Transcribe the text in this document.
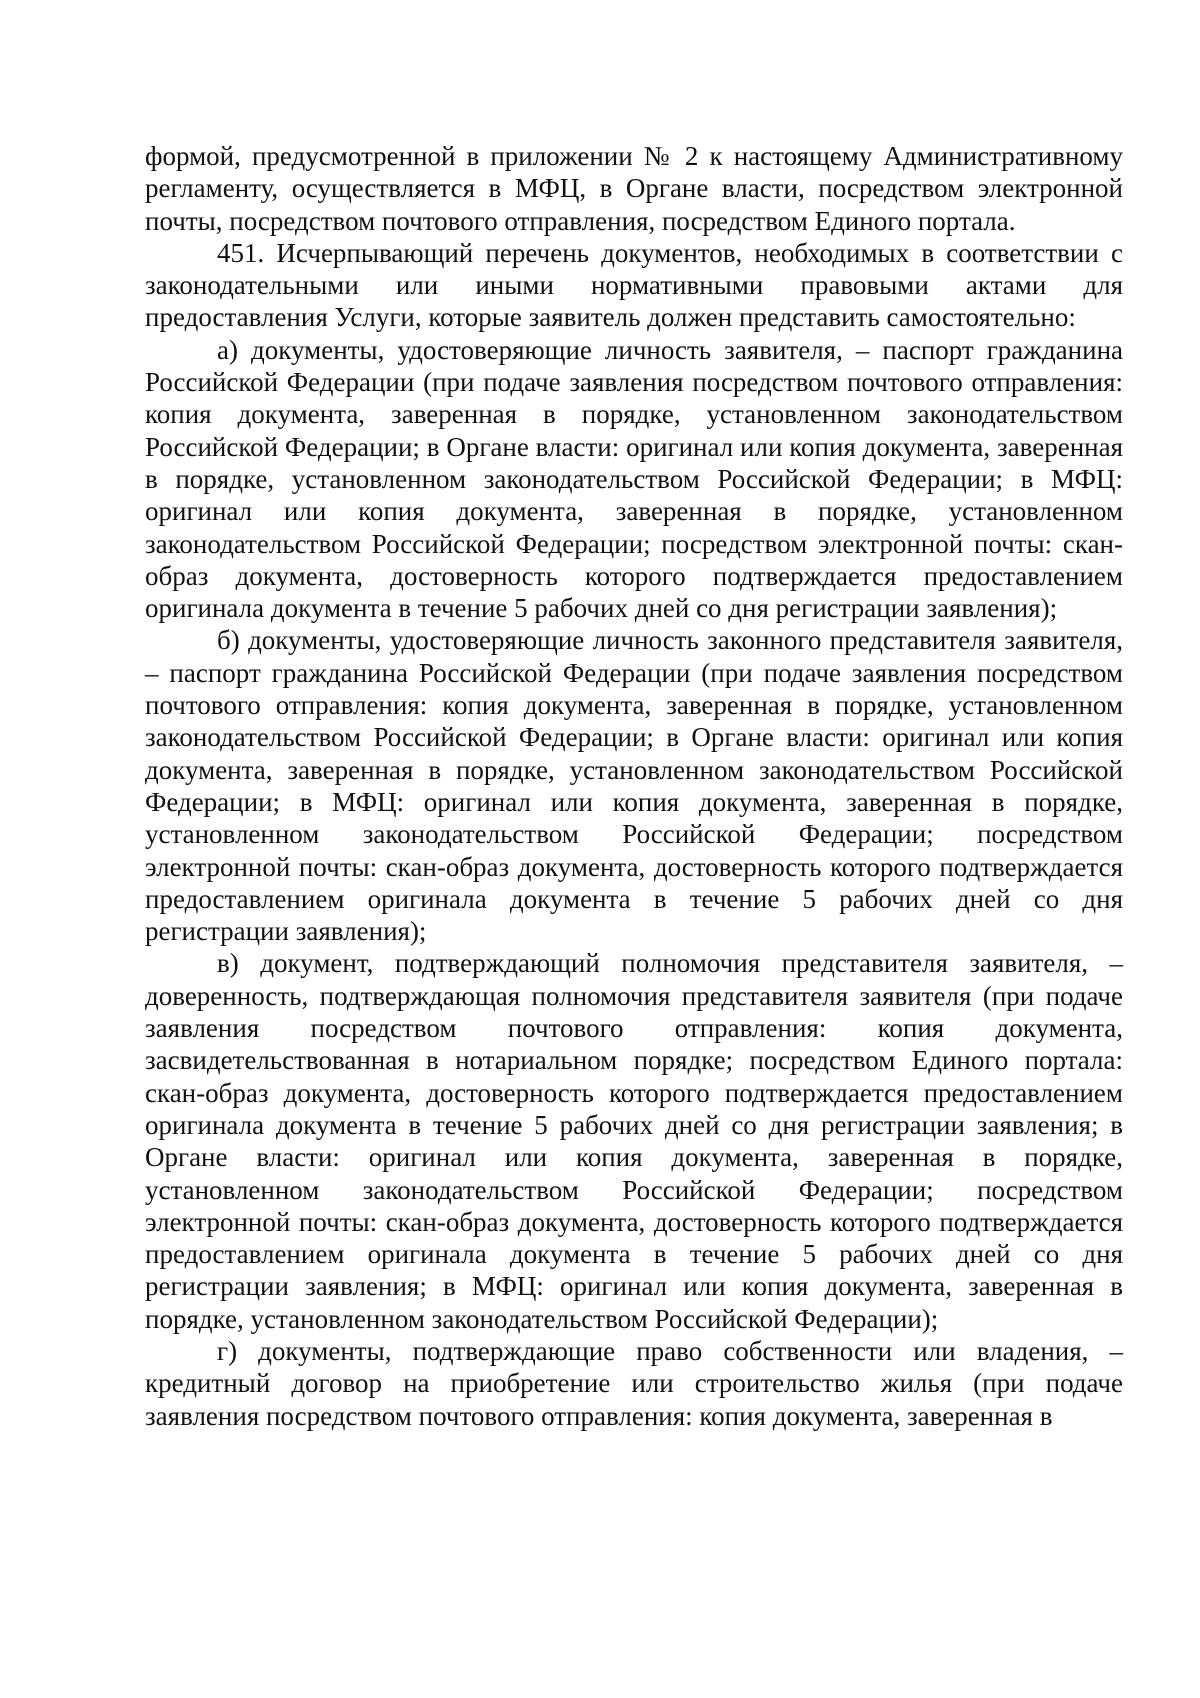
формой, предусмотренной в приложении № 2 к настоящему Административному регламенту, осуществляется в МФЦ, в Органе власти, посредством электронной почты, посредством почтового отправления, посредством Единого портала.

451. Исчерпывающий перечень документов, необходимых в соответствии с законодательными или иными нормативными правовыми актами для предоставления Услуги, которые заявитель должен представить самостоятельно:

а) документы, удостоверяющие личность заявителя, – паспорт гражданина Российской Федерации (при подаче заявления посредством почтового отправления: копия документа, заверенная в порядке, установленном законодательством Российской Федерации; в Органе власти: оригинал или копия документа, заверенная в порядке, установленном законодательством Российской Федерации; в МФЦ: оригинал или копия документа, заверенная в порядке, установленном законодательством Российской Федерации; посредством электронной почты: скан-образ документа, достоверность которого подтверждается предоставлением оригинала документа в течение 5 рабочих дней со дня регистрации заявления);

б) документы, удостоверяющие личность законного представителя заявителя, – паспорт гражданина Российской Федерации (при подаче заявления посредством почтового отправления: копия документа, заверенная в порядке, установленном законодательством Российской Федерации; в Органе власти: оригинал или копия документа, заверенная в порядке, установленном законодательством Российской Федерации; в МФЦ: оригинал или копия документа, заверенная в порядке, установленном законодательством Российской Федерации; посредством электронной почты: скан-образ документа, достоверность которого подтверждается предоставлением оригинала документа в течение 5 рабочих дней со дня регистрации заявления);

в) документ, подтверждающий полномочия представителя заявителя, – доверенность, подтверждающая полномочия представителя заявителя (при подаче заявления посредством почтового отправления: копия документа, засвидетельствованная в нотариальном порядке; посредством Единого портала: скан-образ документа, достоверность которого подтверждается предоставлением оригинала документа в течение 5 рабочих дней со дня регистрации заявления; в Органе власти: оригинал или копия документа, заверенная в порядке, установленном законодательством Российской Федерации; посредством электронной почты: скан-образ документа, достоверность которого подтверждается предоставлением оригинала документа в течение 5 рабочих дней со дня регистрации заявления; в МФЦ: оригинал или копия документа, заверенная в порядке, установленном законодательством Российской Федерации);

г) документы, подтверждающие право собственности или владения, – кредитный договор на приобретение или строительство жилья (при подаче заявления посредством почтового отправления: копия документа, заверенная в
